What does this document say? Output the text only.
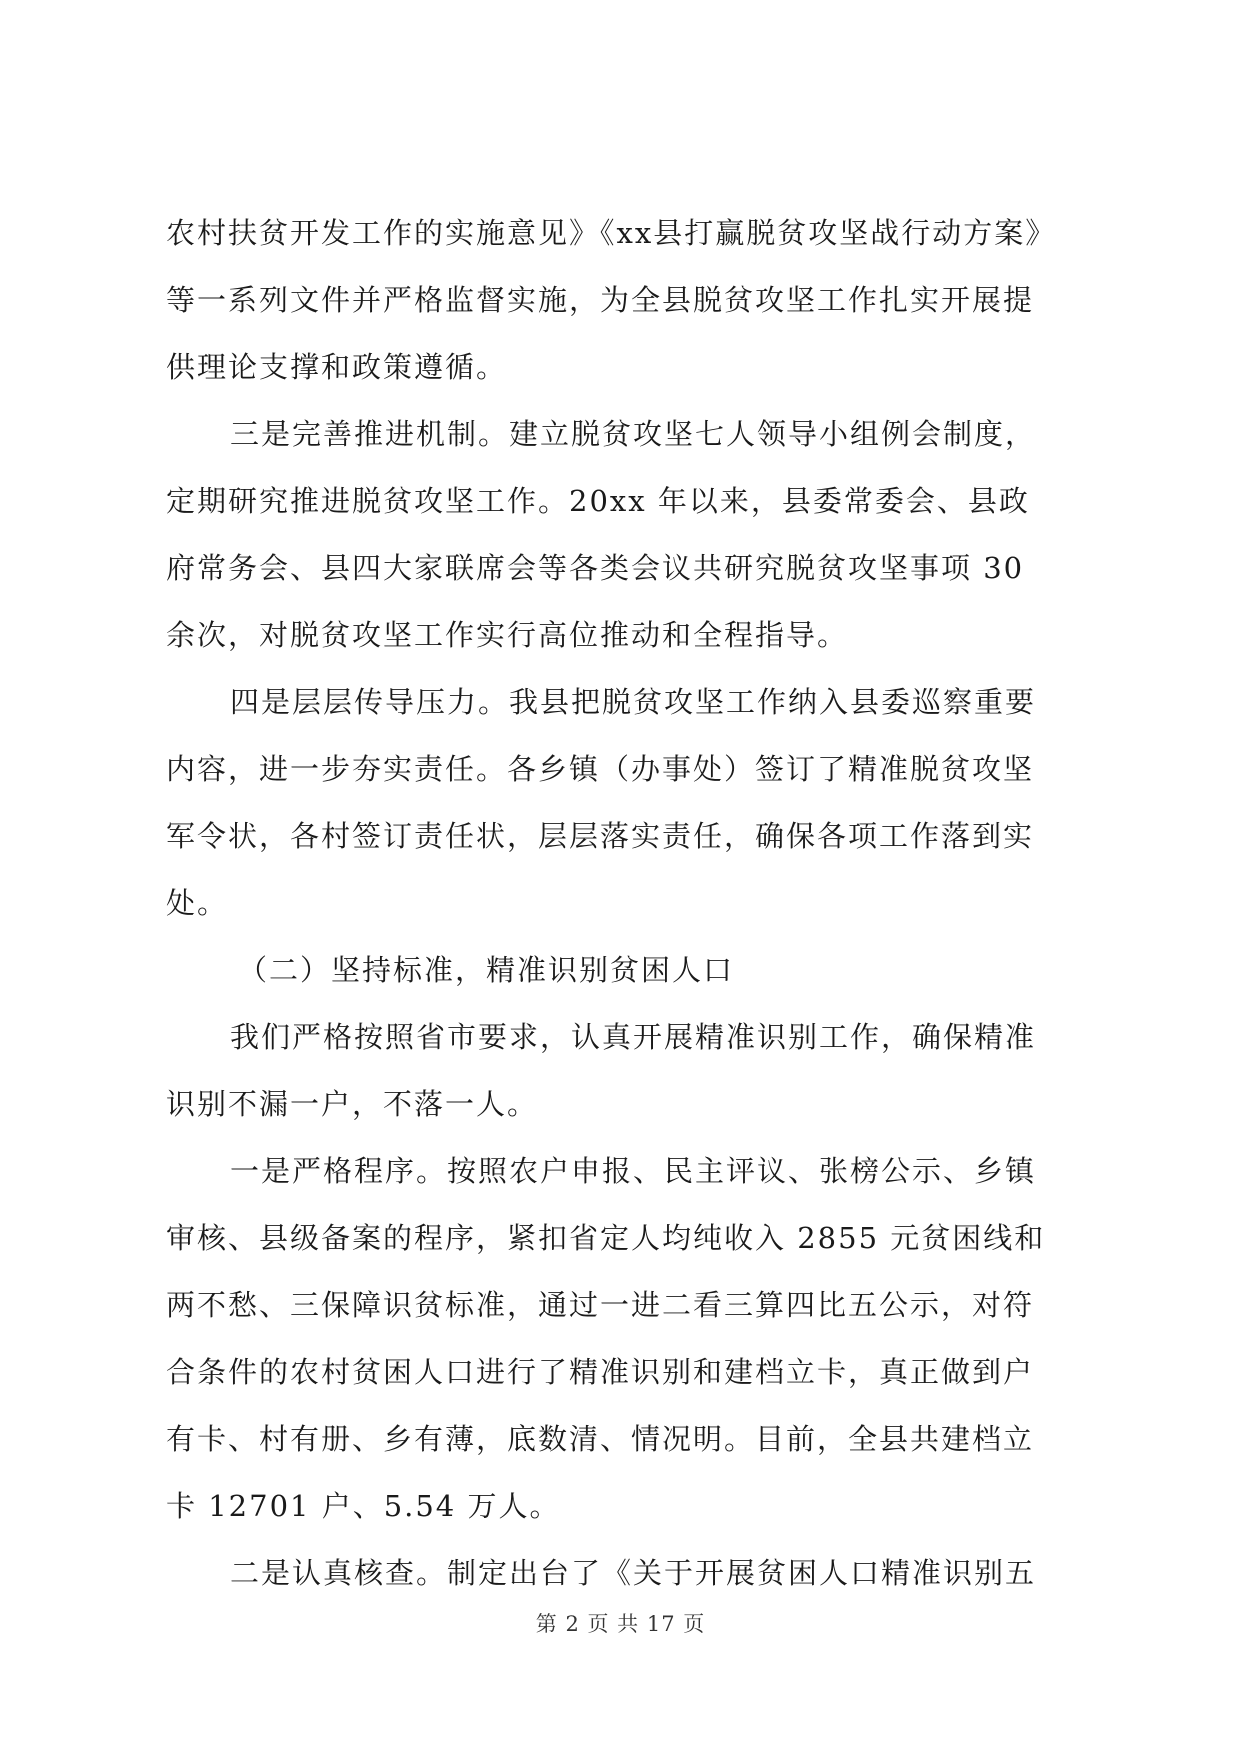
农村扶贫开发工作的实施意见》《xx县打赢脱贫攻坚战行动方案》
等一系列文件并严格监督实施，为全县脱贫攻坚工作扎实开展提
供理论支撑和政策遵循。
三是完善推进机制。建立脱贫攻坚七人领导小组例会制度，
定期研究推进脱贫攻坚工作。20xx 年以来，县委常委会、县政
府常务会、县四大家联席会等各类会议共研究脱贫攻坚事项 30
余次，对脱贫攻坚工作实行高位推动和全程指导。
四是层层传导压力。我县把脱贫攻坚工作纳入县委巡察重要
内容，进一步夯实责任。各乡镇（办事处）签订了精准脱贫攻坚
军令状，各村签订责任状，层层落实责任，确保各项工作落到实
处。
（二）坚持标准，精准识别贫困人口
我们严格按照省市要求，认真开展精准识别工作，确保精准
识别不漏一户，不落一人。
一是严格程序。按照农户申报、民主评议、张榜公示、乡镇
审核、县级备案的程序，紧扣省定人均纯收入 2855 元贫困线和
两不愁、三保障识贫标准，通过一进二看三算四比五公示，对符
合条件的农村贫困人口进行了精准识别和建档立卡，真正做到户
有卡、村有册、乡有薄，底数清、情况明。目前，全县共建档立
卡 12701 户、5.54 万人。
二是认真核查。制定出台了《关于开展贫困人口精准识别五
第 2 页 共 17 页
